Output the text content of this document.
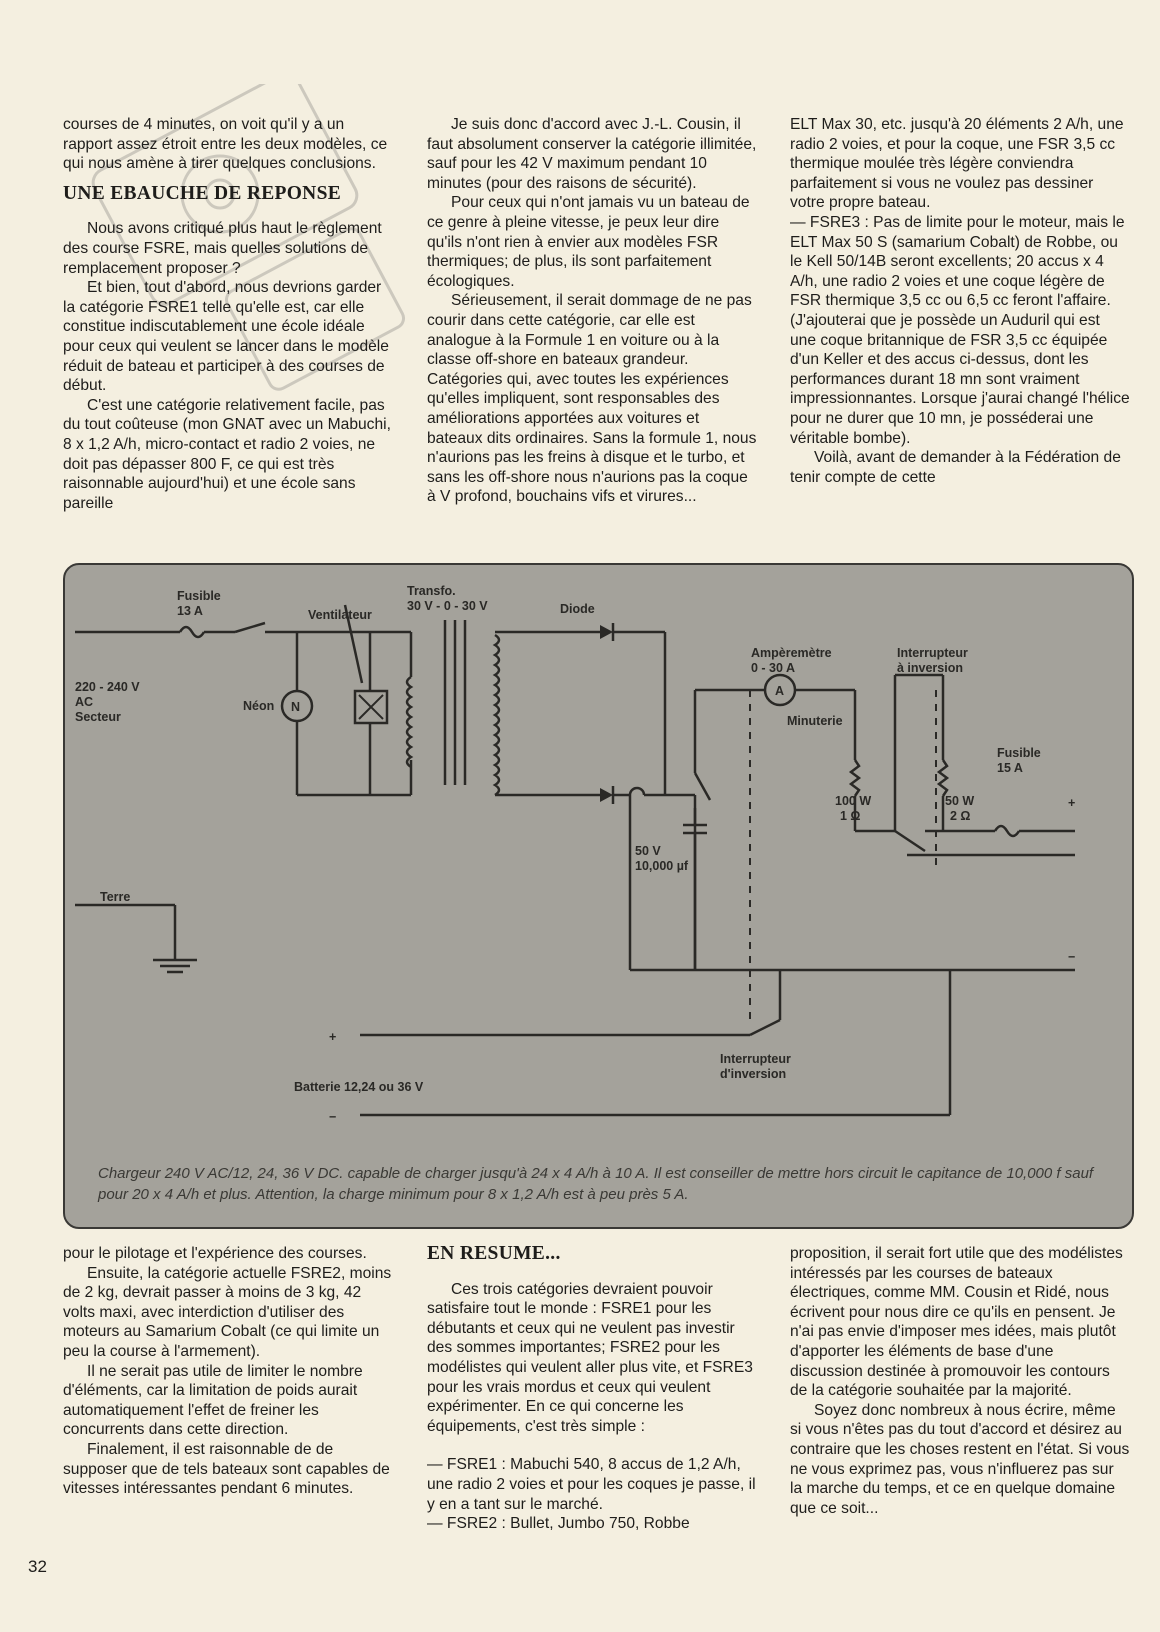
courses de 4 minutes, on voit qu'il y a un rapport assez étroit entre les deux modèles, ce qui nous amène à tirer quelques conclusions.

UNE EBAUCHE DE REPONSE

Nous avons critiqué plus haut le règlement des course FSRE, mais quelles solutions de remplacement proposer ?

Et bien, tout d'abord, nous devrions garder la catégorie FSRE1 telle qu'elle est, car elle constitue indiscutablement une école idéale pour ceux qui veulent se lancer dans le modèle réduit de bateau et participer à des courses de début.

C'est une catégorie relativement facile, pas du tout coûteuse (mon GNAT avec un Mabuchi, 8 x 1,2 A/h, micro-contact et radio 2 voies, ne doit pas dépasser 800 F, ce qui est très raisonnable aujourd'hui) et une école sans pareille

Je suis donc d'accord avec J.-L. Cousin, il faut absolument conserver la catégorie illimitée, sauf pour les 42 V maximum pendant 10 minutes (pour des raisons de sécurité).

Pour ceux qui n'ont jamais vu un bateau de ce genre à pleine vitesse, je peux leur dire qu'ils n'ont rien à envier aux modèles FSR thermiques; de plus, ils sont parfaitement écologiques.

Sérieusement, il serait dommage de ne pas courir dans cette catégorie, car elle est analogue à la Formule 1 en voiture ou à la classe off-shore en bateaux grandeur. Catégories qui, avec toutes les expériences qu'elles impliquent, sont responsables des améliorations apportées aux voitures et bateaux dits ordinaires. Sans la formule 1, nous n'aurions pas les freins à disque et le turbo, et sans les off-shore nous n'aurions pas la coque à V profond, bouchains vifs et virures...

ELT Max 30, etc. jusqu'à 20 éléments 2 A/h, une radio 2 voies, et pour la coque, une FSR 3,5 cc thermique moulée très légère conviendra parfaitement si vous ne voulez pas dessiner votre propre bateau.

— FSRE3 : Pas de limite pour le moteur, mais le ELT Max 50 S (samarium Cobalt) de Robbe, ou le Kell 50/14B seront excellents; 20 accus x 4 A/h, une radio 2 voies et une coque légère de FSR thermique 3,5 cc ou 6,5 cc feront l'affaire. (J'ajouterai que je possède un Auduril qui est une coque britannique de FSR 3,5 cc équipée d'un Keller et des accus ci-dessus, dont les performances durant 18 mn sont vraiment impressionnantes. Lorsque j'aurai changé l'hélice pour ne durer que 10 mn, je posséderai une véritable bombe).

Voilà, avant de demander à la Fédération de tenir compte de cette

Fusible
13 A	Ventilateur
Transfo.
30 V - 0 - 30 V	Diode
Ampèremètre
0 - 30 A
Interrupteur
à inversion
220 - 240 V
AC
Secteur
Néon N
A
Minuterie
Fusible
15 A
100 W
1 Ω
50 W
2 Ω
+
−
50 V
10,000 µf
Terre
+
−
Interrupteur
d'inversion
Batterie 12,24 ou 36 V
Chargeur 240 V AC/12, 24, 36 V DC. capable de charger jusqu'à 24 x 4 A/h à 10 A. Il est conseiller de mettre hors circuit le capitance de 10,000 f sauf pour 20 x 4 A/h et plus. Attention, la charge minimum pour 8 x 1,2 A/h est à peu près 5 A.

pour le pilotage et l'expérience des courses.

Ensuite, la catégorie actuelle FSRE2, moins de 2 kg, devrait passer à moins de 3 kg, 42 volts maxi, avec interdiction d'utiliser des moteurs au Samarium Cobalt (ce qui limite un peu la course à l'armement).

Il ne serait pas utile de limiter le nombre d'éléments, car la limitation de poids aurait automatiquement l'effet de freiner les concurrents dans cette direction.

Finalement, il est raisonnable de de supposer que de tels bateaux sont capables de vitesses intéressantes pendant 6 minutes.

EN RESUME...

Ces trois catégories devraient pouvoir satisfaire tout le monde : FSRE1 pour les débutants et ceux qui ne veulent pas investir des sommes importantes; FSRE2 pour les modélistes qui veulent aller plus vite, et FSRE3 pour les vrais mordus et ceux qui veulent expérimenter. En ce qui concerne les équipements, c'est très simple :

— FSRE1 : Mabuchi 540, 8 accus de 1,2 A/h, une radio 2 voies et pour les coques je passe, il y en a tant sur le marché.

— FSRE2 : Bullet, Jumbo 750, Robbe

proposition, il serait fort utile que des modélistes intéressés par les courses de bateaux électriques, comme MM. Cousin et Ridé, nous écrivent pour nous dire ce qu'ils en pensent. Je n'ai pas envie d'imposer mes idées, mais plutôt d'apporter les éléments de base d'une discussion destinée à promouvoir les contours de la catégorie souhaitée par la majorité.

Soyez donc nombreux à nous écrire, même si vous n'êtes pas du tout d'accord et désirez au contraire que les choses restent en l'état. Si vous ne vous exprimez pas, vous n'influerez pas sur la marche du temps, et ce en quelque domaine que ce soit...

32
